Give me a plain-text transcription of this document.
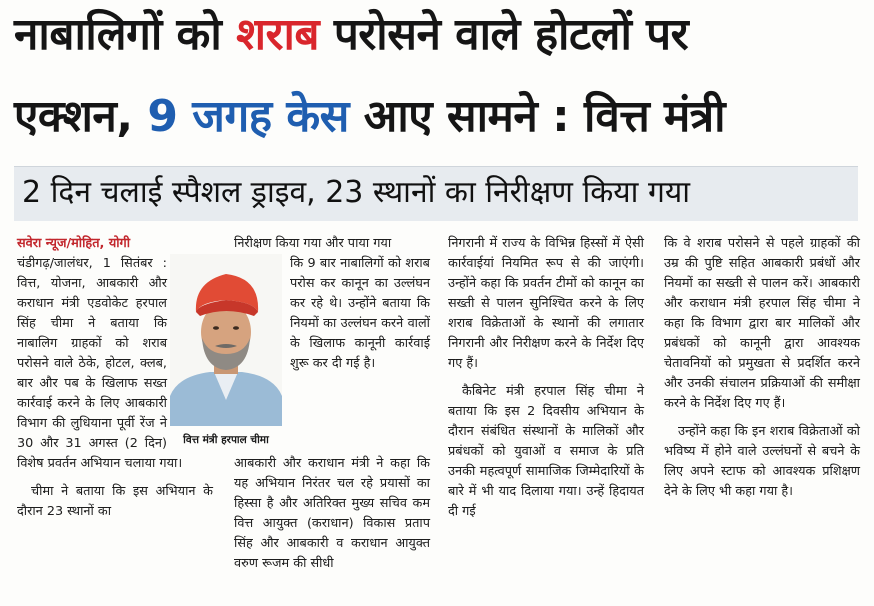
नाबालिगों को शराब परोसने वाले होटलों पर
एक्शन, 9 जगह केस आए सामने : वित्त मंत्री
2 दिन चलाई स्पैशल ड्राइव, 23 स्थानों का निरीक्षण किया गया
सवेरा न्यूज/मोहित, योगी

चंडीगढ़/जालंधर, 1 सितंबर : वित्त, योजना, आबकारी और कराधान मंत्री एडवोकेट हरपाल सिंह चीमा ने बताया कि नाबालिग ग्राहकों को शराब परोसने वाले ठेके, होटल, क्लब, बार और पब के खिलाफ सख्त कार्रवाई करने के लिए आबकारी विभाग की लुधियाना पूर्वी रेंज ने 30 और 31 अगस्त (2 दिन) विशेष प्रवर्तन अभियान चलाया गया।

चीमा ने बताया कि इस अभियान के दौरान 23 स्थानों का

वित्त मंत्री हरपाल चीमा
निरीक्षण किया गया और पाया गया
कि 9 बार नाबालिगों को शराब परोस कर कानून का उल्लंघन कर रहे थे। उन्होंने बताया कि नियमों का उल्लंघन करने वालों के खिलाफ कानूनी कार्रवाई शुरू कर दी गई है।
आबकारी और कराधान मंत्री ने कहा कि यह अभियान निरंतर चल रहे प्रयासों का हिस्सा है और अतिरिक्त मुख्य सचिव कम वित्त आयुक्त (कराधान) विकास प्रताप सिंह और आबकारी व कराधान आयुक्त वरुण रूजम की सीधी

निगरानी में राज्य के विभिन्न हिस्सों में ऐसी कार्रवाईयां नियमित रूप से की जाएंगी। उन्होंने कहा कि प्रवर्तन टीमों को कानून का सख्ती से पालन सुनिश्चित करने के लिए शराब विक्रेताओं के स्थानों की लगातार निगरानी और निरीक्षण करने के निर्देश दिए गए हैं।

कैबिनेट मंत्री हरपाल सिंह चीमा ने बताया कि इस 2 दिवसीय अभियान के दौरान संबंधित संस्थानों के मालिकों और प्रबंधकों को युवाओं व समाज के प्रति उनकी महत्वपूर्ण सामाजिक जिम्मेदारियों के बारे में भी याद दिलाया गया। उन्हें हिदायत दी गई

कि वे शराब परोसने से पहले ग्राहकों की उम्र की पुष्टि सहित आबकारी प्रबंधों और नियमों का सख्ती से पालन करें। आबकारी और कराधान मंत्री हरपाल सिंह चीमा ने कहा कि विभाग द्वारा बार मालिकों और प्रबंधकों को कानूनी द्वारा आवश्यक चेतावनियों को प्रमुखता से प्रदर्शित करने और उनकी संचालन प्रक्रियाओं की समीक्षा करने के निर्देश दिए गए हैं।

उन्होंने कहा कि इन शराब विक्रेताओं को भविष्य में होने वाले उल्लंघनों से बचने के लिए अपने स्टाफ को आवश्यक प्रशिक्षण देने के लिए भी कहा गया है।
